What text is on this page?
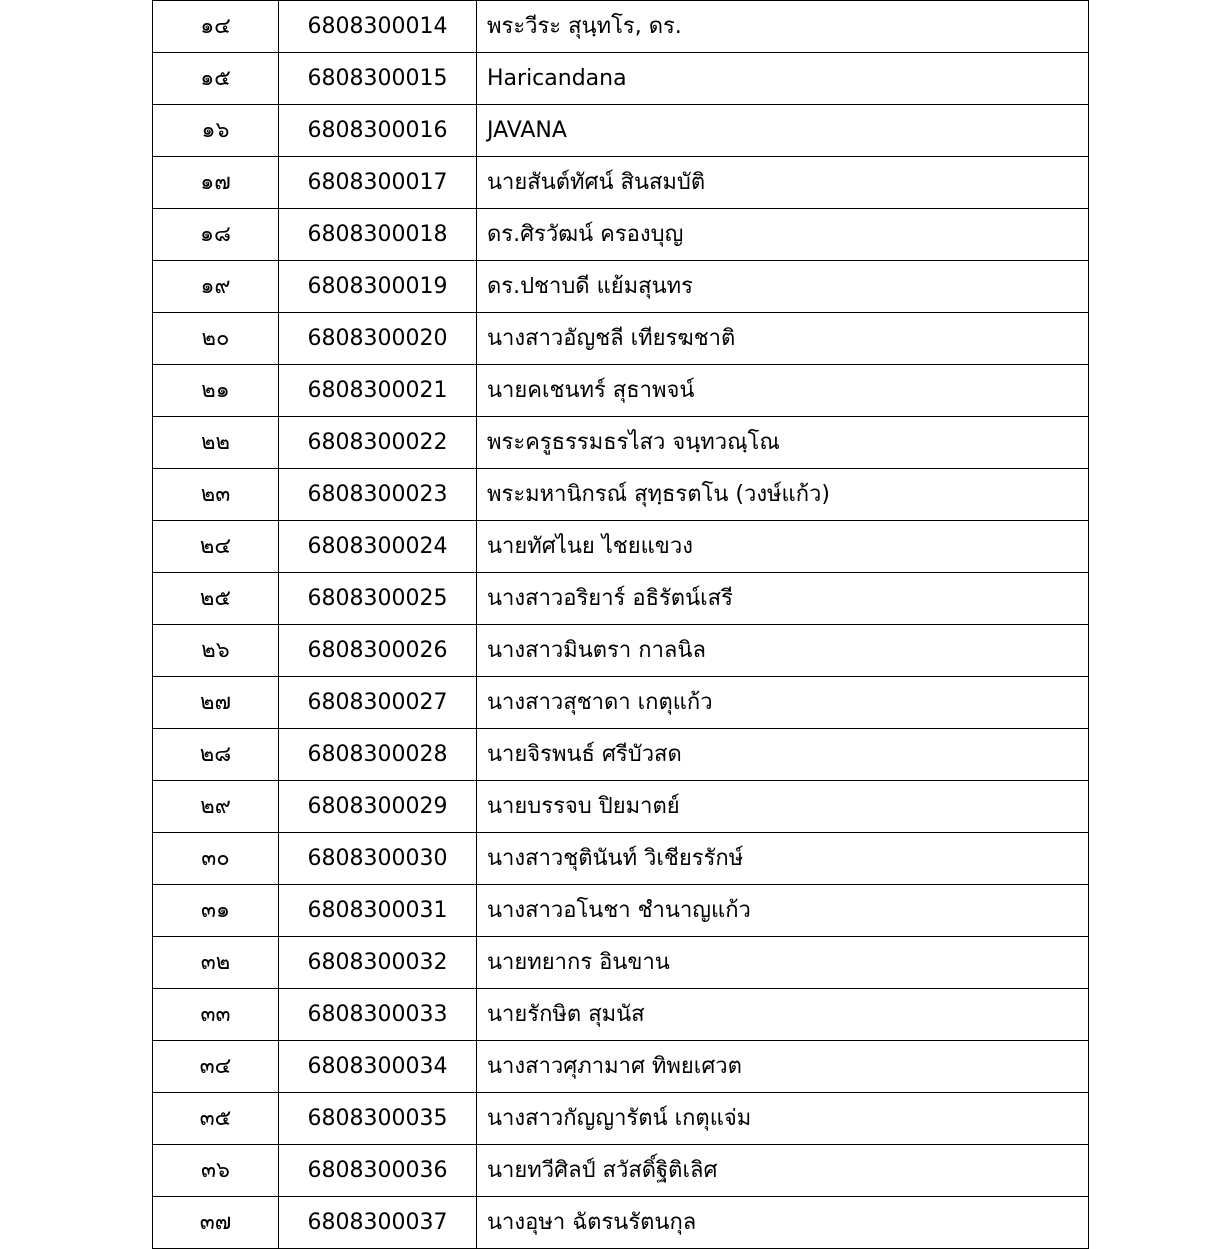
๑๔	6808300014	พระวีระ สุนฺทโร, ดร.
๑๕	6808300015	Haricandana
๑๖	6808300016	JAVANA
๑๗	6808300017	นายสันต์ทัศน์ สินสมบัติ
๑๘	6808300018	ดร.ศิรวัฒน์ ครองบุญ
๑๙	6808300019	ดร.ปชาบดี แย้มสุนทร
๒๐	6808300020	นางสาวอัญชลี เทียรฆชาติ
๒๑	6808300021	นายคเชนทร์ สุธาพจน์
๒๒	6808300022	พระครูธรรมธรไสว จนฺทวณฺโณ
๒๓	6808300023	พระมหานิกรณ์ สุทฺธรตโน (วงษ์แก้ว)
๒๔	6808300024	นายทัศไนย ไชยแขวง
๒๕	6808300025	นางสาวอริยาร์ อธิรัตน์เสรี
๒๖	6808300026	นางสาวมินตรา กาลนิล
๒๗	6808300027	นางสาวสุชาดา เกตุแก้ว
๒๘	6808300028	นายจิรพนธ์ ศรีบัวสด
๒๙	6808300029	นายบรรจบ ปิยมาตย์
๓๐	6808300030	นางสาวชุตินันท์ วิเชียรรักษ์
๓๑	6808300031	นางสาวอโนชา ชำนาญแก้ว
๓๒	6808300032	นายทยากร อินขาน
๓๓	6808300033	นายรักษิต สุมนัส
๓๔	6808300034	นางสาวศุภามาศ ทิพยเศวต
๓๕	6808300035	นางสาวกัญญารัตน์ เกตุแจ่ม
๓๖	6808300036	นายทวีศิลป์ สวัสดิ์ฐิติเลิศ
๓๗	6808300037	นางอุษา ฉัตรนรัตนกุล
